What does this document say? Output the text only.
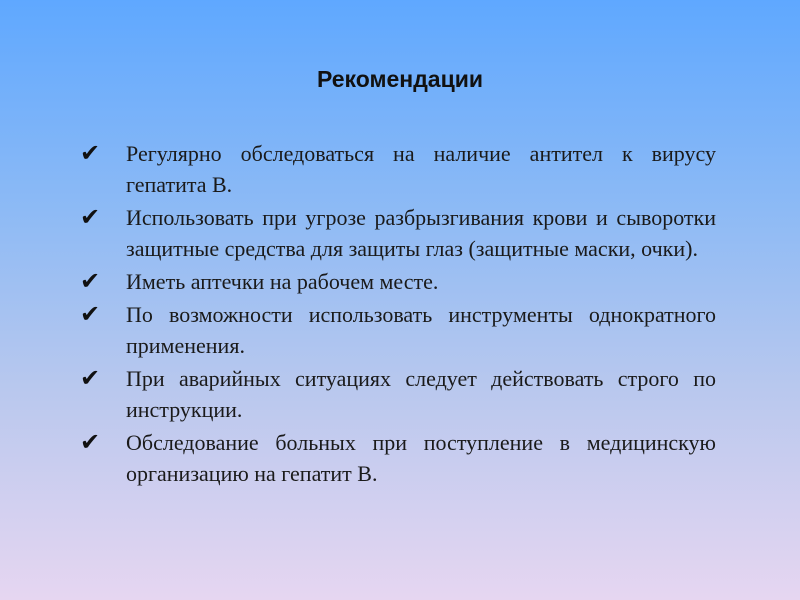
Рекомендации
✔	Регулярно обследоваться на наличие антител к вирусу гепатита В.
✔	Использовать при угрозе разбрызгивания крови и сыворотки защитные средства для защиты глаз (защитные маски, очки).
✔	Иметь аптечки на рабочем месте.
✔	По возможности использовать инструменты однократного применения.
✔	При аварийных ситуациях следует действовать строго по инструкции.
✔	Обследование больных при поступление в медицинскую организацию на гепатит В.
